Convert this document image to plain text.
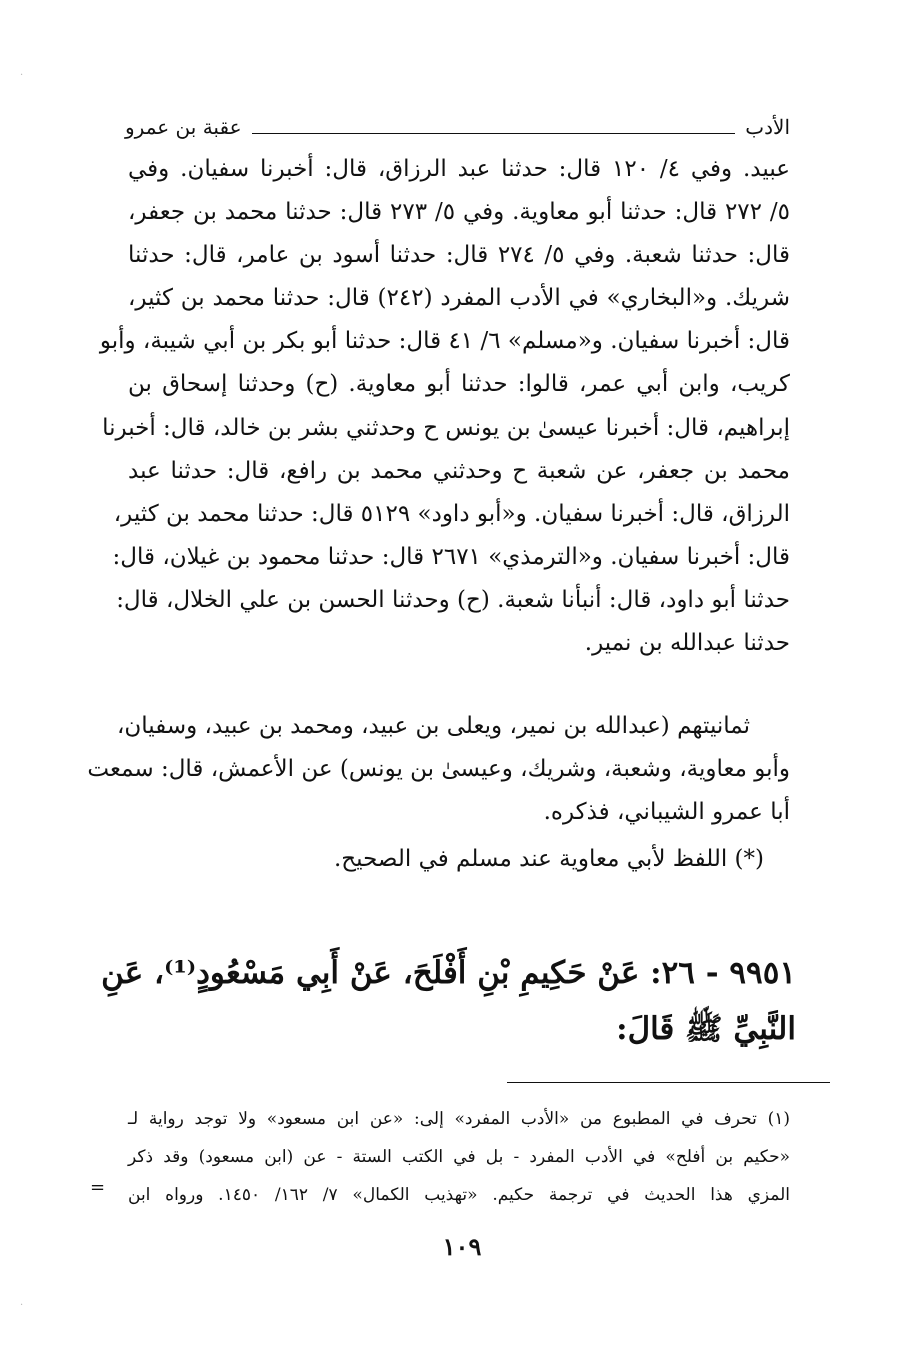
الأدب
عقبة بن عمرو
عبيد. وفي ٤/ ١٢٠ قال: حدثنا عبد الرزاق، قال: أخبرنا سفيان. وفي
٥/ ٢٧٢ قال: حدثنا أبو معاوية. وفي ٥/ ٢٧٣ قال: حدثنا محمد بن جعفر،
قال: حدثنا شعبة. وفي ٥/ ٢٧٤ قال: حدثنا أسود بن عامر، قال: حدثنا
شريك. و«البخاري» في الأدب المفرد (٢٤٢) قال: حدثنا محمد بن كثير،
قال: أخبرنا سفيان. و«مسلم» ٦/ ٤١ قال: حدثنا أبو بكر بن أبي شيبة، وأبو
كريب، وابن أبي عمر، قالوا: حدثنا أبو معاوية. (ح) وحدثنا إسحاق بن
إبراهيم، قال: أخبرنا عيسىٰ بن يونس ح وحدثني بشر بن خالد، قال: أخبرنا
محمد بن جعفر، عن شعبة ح وحدثني محمد بن رافع، قال: حدثنا عبد
الرزاق، قال: أخبرنا سفيان. و«أبو داود» ٥١٢٩ قال: حدثنا محمد بن كثير،
قال: أخبرنا سفيان. و«الترمذي» ٢٦٧١ قال: حدثنا محمود بن غيلان، قال:
حدثنا أبو داود، قال: أنبأنا شعبة. (ح) وحدثنا الحسن بن علي الخلال، قال:
حدثنا عبدالله بن نمير.
ثمانيتهم (عبدالله بن نمير، ويعلى بن عبيد، ومحمد بن عبيد، وسفيان،
وأبو معاوية، وشعبة، وشريك، وعيسىٰ بن يونس) عن الأعمش، قال: سمعت
أبا عمرو الشيباني، فذكره.
(*) اللفظ لأبي معاوية عند مسلم في الصحيح.
٩٩٥١ - ٢٦: عَنْ حَكِيمِ بْنِ أَفْلَحَ، عَنْ أَبِي مَسْعُودٍ⁽¹⁾، عَنِ
النَّبِيِّ ﷺ قَالَ:
(١) تحرف في المطبوع من «الأدب المفرد» إلى: «عن ابن مسعود» ولا توجد رواية لـ
«حكيم بن أفلح» في الأدب المفرد - بل في الكتب الستة - عن (ابن مسعود) وقد ذكر
المزي هذا الحديث في ترجمة حكيم. «تهذيب الكمال» ٧/ ١٦٢/ ١٤٥٠. ورواه ابن
=
١٠٩
·
·
